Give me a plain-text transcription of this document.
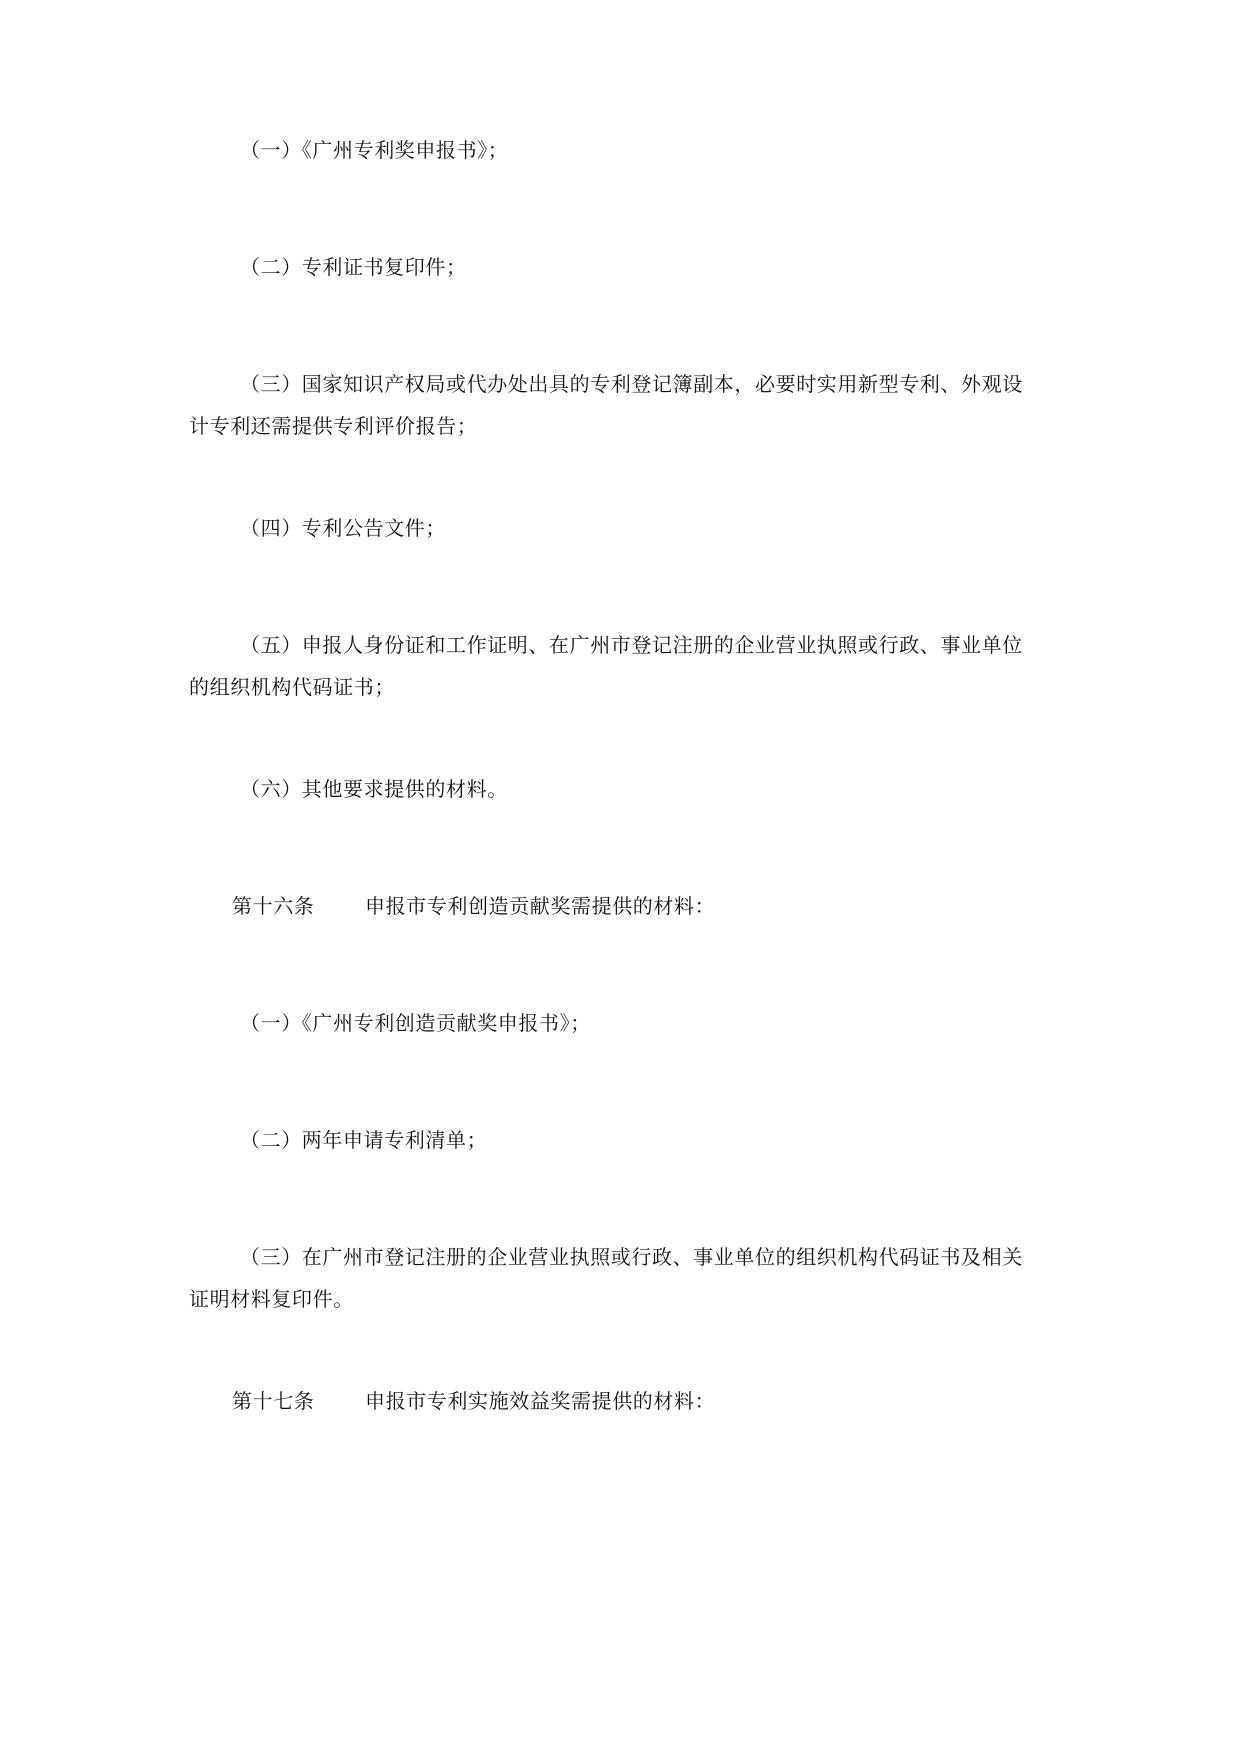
（一）《广州专利奖申报书》；

（二）专利证书复印件；

（三）国家知识产权局或代办处出具的专利登记簿副本，必要时实用新型专利、外观设

计专利还需提供专利评价报告；

（四）专利公告文件；

（五）申报人身份证和工作证明、在广州市登记注册的企业营业执照或行政、事业单位

的组织机构代码证书；

（六）其他要求提供的材料。

第十六条	申报市专利创造贡献奖需提供的材料：

（一）《广州专利创造贡献奖申报书》；

（二）两年申请专利清单；

（三）在广州市登记注册的企业营业执照或行政、事业单位的组织机构代码证书及相关

证明材料复印件。

第十七条	申报市专利实施效益奖需提供的材料：
